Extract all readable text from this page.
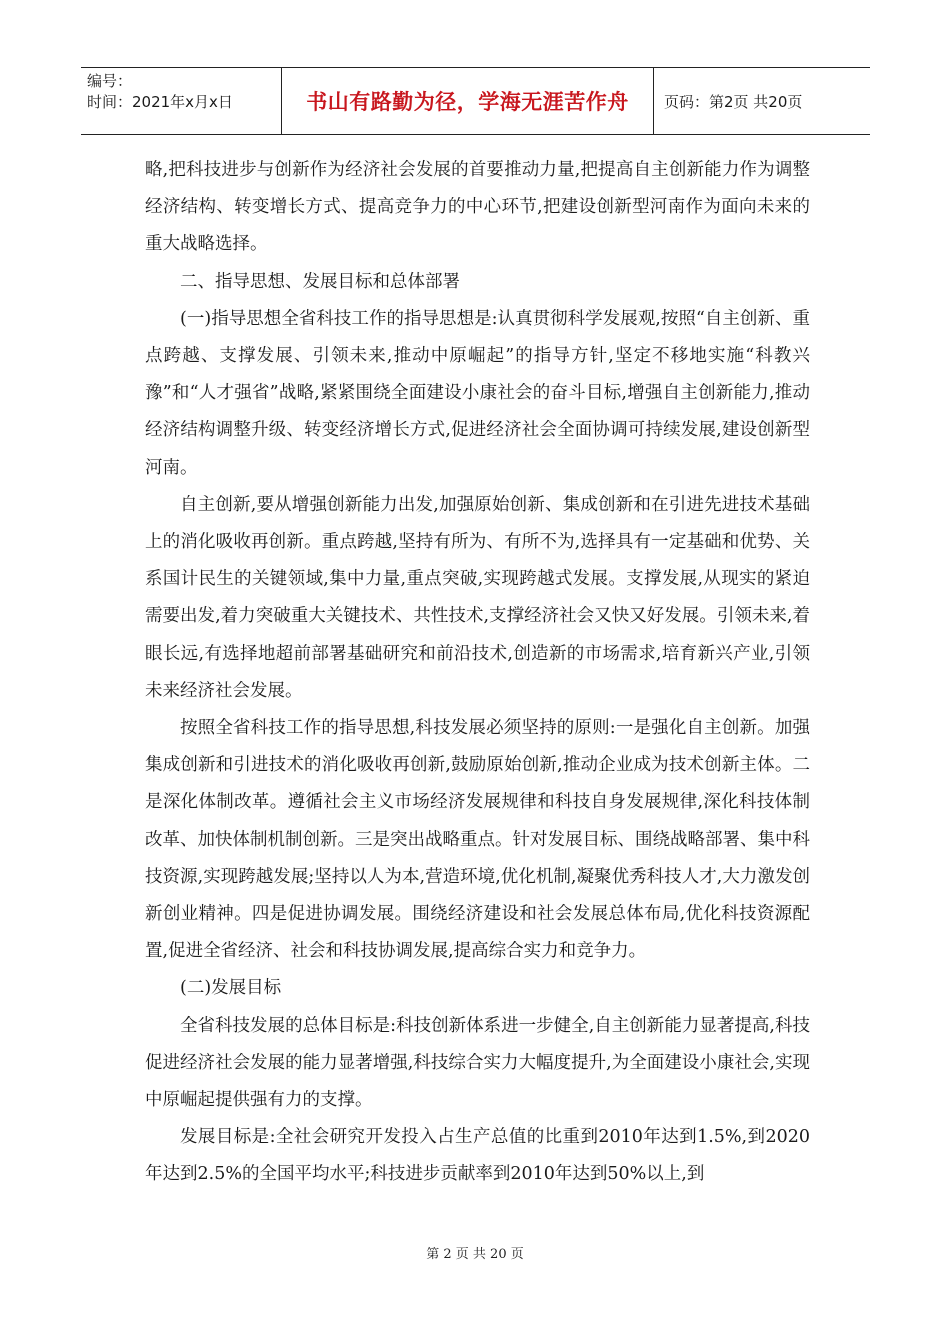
编号：
时间：2021年x月x日	书山有路勤为径，学海无涯苦作舟	页码：第2页 共20页

略,把科技进步与创新作为经济社会发展的首要推动力量,把提高自主创新能力作为调整经济结构、转变增长方式、提高竞争力的中心环节,把建设创新型河南作为面向未来的重大战略选择。

二、指导思想、发展目标和总体部署

(一)指导思想全省科技工作的指导思想是:认真贯彻科学发展观,按照“自主创新、重点跨越、支撑发展、引领未来,推动中原崛起”的指导方针,坚定不移地实施“科教兴豫”和“人才强省”战略,紧紧围绕全面建设小康社会的奋斗目标,增强自主创新能力,推动经济结构调整升级、转变经济增长方式,促进经济社会全面协调可持续发展,建设创新型河南。

自主创新,要从增强创新能力出发,加强原始创新、集成创新和在引进先进技术基础上的消化吸收再创新。重点跨越,坚持有所为、有所不为,选择具有一定基础和优势、关系国计民生的关键领域,集中力量,重点突破,实现跨越式发展。支撑发展,从现实的紧迫需要出发,着力突破重大关键技术、共性技术,支撑经济社会又快又好发展。引领未来,着眼长远,有选择地超前部署基础研究和前沿技术,创造新的市场需求,培育新兴产业,引领未来经济社会发展。

按照全省科技工作的指导思想,科技发展必须坚持的原则:一是强化自主创新。加强集成创新和引进技术的消化吸收再创新,鼓励原始创新,推动企业成为技术创新主体。二是深化体制改革。遵循社会主义市场经济发展规律和科技自身发展规律,深化科技体制改革、加快体制机制创新。三是突出战略重点。针对发展目标、围绕战略部署、集中科技资源,实现跨越发展;坚持以人为本,营造环境,优化机制,凝聚优秀科技人才,大力激发创新创业精神。四是促进协调发展。围绕经济建设和社会发展总体布局,优化科技资源配置,促进全省经济、社会和科技协调发展,提高综合实力和竞争力。

(二)发展目标

全省科技发展的总体目标是:科技创新体系进一步健全,自主创新能力显著提高,科技促进经济社会发展的能力显著增强,科技综合实力大幅度提升,为全面建设小康社会,实现中原崛起提供强有力的支撑。

发展目标是:全社会研究开发投入占生产总值的比重到2010年达到1.5%,到2020年达到2.5%的全国平均水平;科技进步贡献率到2010年达到50%以上,到

第 2 页 共 20 页
